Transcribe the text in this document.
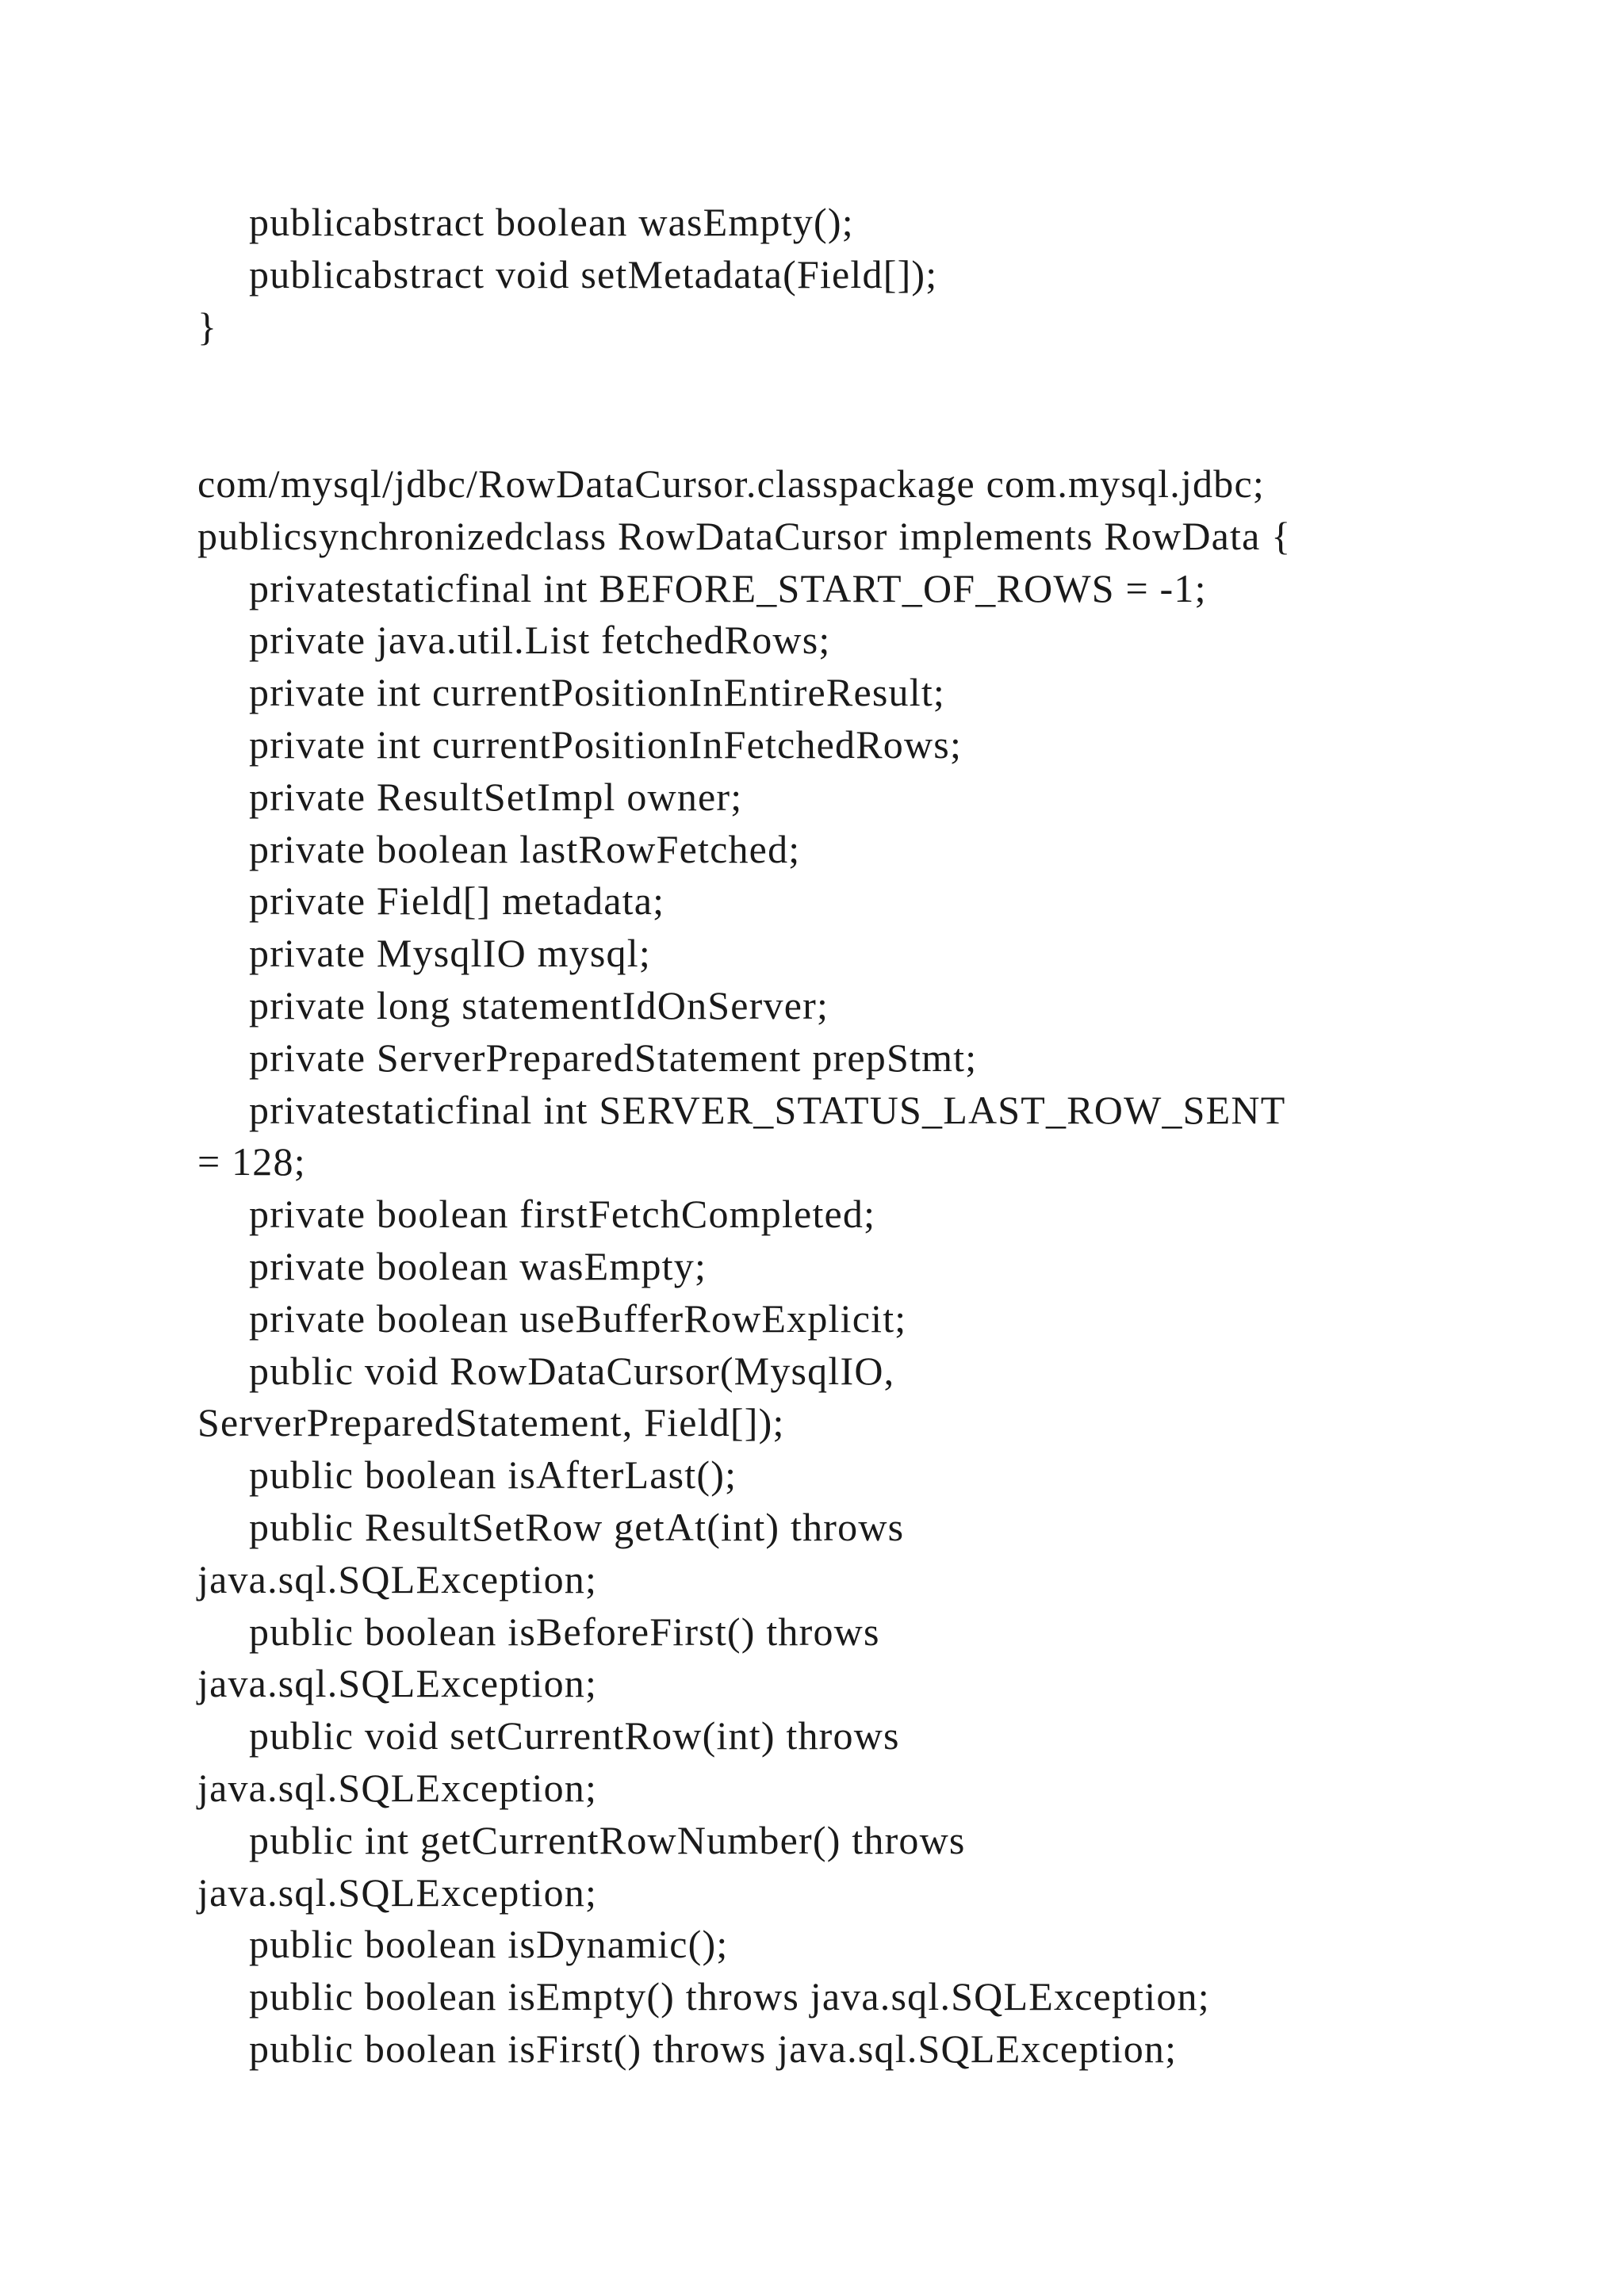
publicabstract boolean wasEmpty();
publicabstract void setMetadata(Field[]);
}
com/mysql/jdbc/RowDataCursor.classpackage com.mysql.jdbc;
publicsynchronizedclass RowDataCursor implements RowData {
privatestaticfinal int BEFORE_START_OF_ROWS = -1;
private java.util.List fetchedRows;
private int currentPositionInEntireResult;
private int currentPositionInFetchedRows;
private ResultSetImpl owner;
private boolean lastRowFetched;
private Field[] metadata;
private MysqlIO mysql;
private long statementIdOnServer;
private ServerPreparedStatement prepStmt;
privatestaticfinal int SERVER_STATUS_LAST_ROW_SENT
= 128;
private boolean firstFetchCompleted;
private boolean wasEmpty;
private boolean useBufferRowExplicit;
public void RowDataCursor(MysqlIO,
ServerPreparedStatement, Field[]);
public boolean isAfterLast();
public ResultSetRow getAt(int) throws
java.sql.SQLException;
public boolean isBeforeFirst() throws
java.sql.SQLException;
public void setCurrentRow(int) throws
java.sql.SQLException;
public int getCurrentRowNumber() throws
java.sql.SQLException;
public boolean isDynamic();
public boolean isEmpty() throws java.sql.SQLException;
public boolean isFirst() throws java.sql.SQLException;
